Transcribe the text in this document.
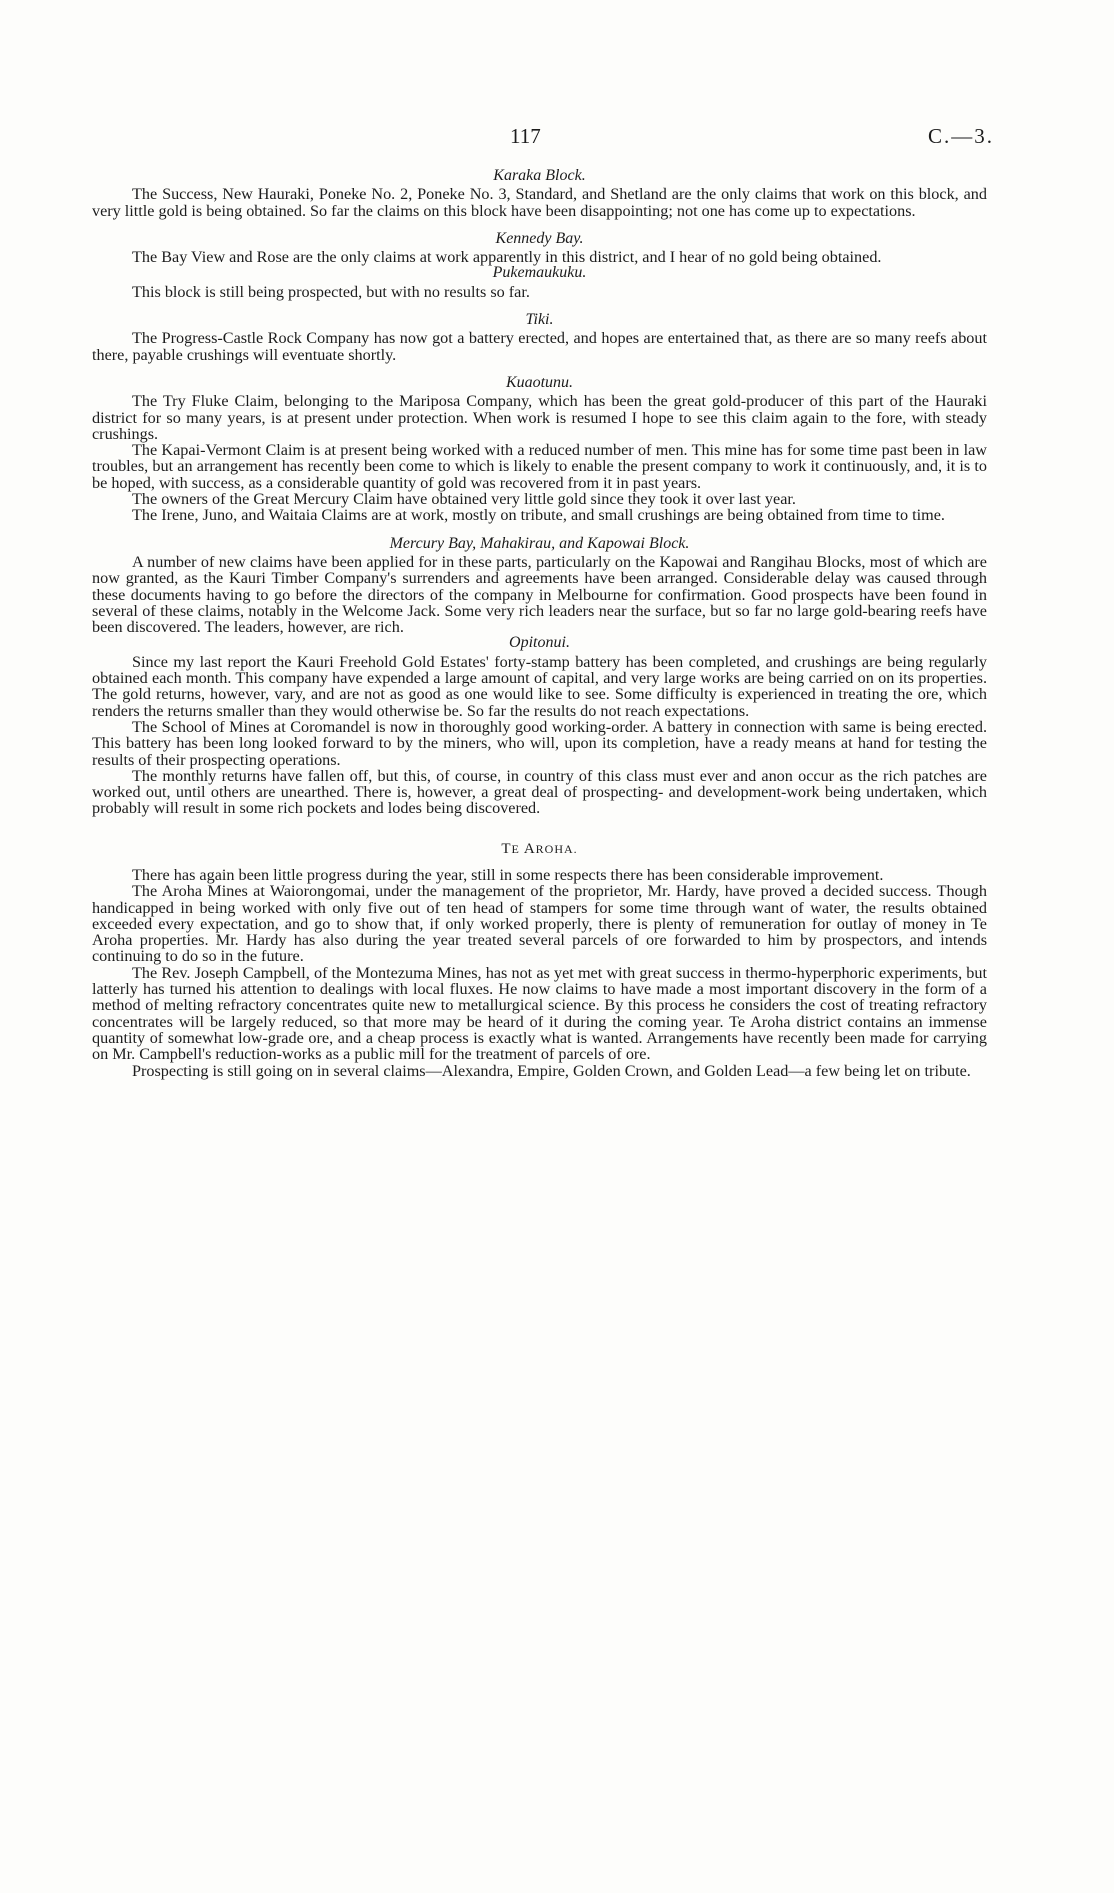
117	C.—3.
Karaka Block.

The Success, New Hauraki, Poneke No. 2, Poneke No. 3, Standard, and Shetland are the only claims that work on this block, and very little gold is being obtained. So far the claims on this block have been disappointing; not one has come up to expectations.

Kennedy Bay.

The Bay View and Rose are the only claims at work apparently in this district, and I hear of no gold being obtained.

Pukemaukuku.

This block is still being prospected, but with no results so far.

Tiki.

The Progress-Castle Rock Company has now got a battery erected, and hopes are entertained that, as there are so many reefs about there, payable crushings will eventuate shortly.

Kuaotunu.

The Try Fluke Claim, belonging to the Mariposa Company, which has been the great gold-producer of this part of the Hauraki district for so many years, is at present under protection. When work is resumed I hope to see this claim again to the fore, with steady crushings.

The Kapai-Vermont Claim is at present being worked with a reduced number of men. This mine has for some time past been in law troubles, but an arrangement has recently been come to which is likely to enable the present company to work it continuously, and, it is to be hoped, with success, as a considerable quantity of gold was recovered from it in past years.

The owners of the Great Mercury Claim have obtained very little gold since they took it over last year.

The Irene, Juno, and Waitaia Claims are at work, mostly on tribute, and small crushings are being obtained from time to time.

Mercury Bay, Mahakirau, and Kapowai Block.

A number of new claims have been applied for in these parts, particularly on the Kapowai and Rangihau Blocks, most of which are now granted, as the Kauri Timber Company's surrenders and agreements have been arranged. Considerable delay was caused through these documents having to go before the directors of the company in Melbourne for confirmation. Good prospects have been found in several of these claims, notably in the Welcome Jack. Some very rich leaders near the surface, but so far no large gold-bearing reefs have been discovered. The leaders, however, are rich.

Opitonui.

Since my last report the Kauri Freehold Gold Estates' forty-stamp battery has been completed, and crushings are being regularly obtained each month. This company have expended a large amount of capital, and very large works are being carried on on its properties. The gold returns, however, vary, and are not as good as one would like to see. Some difficulty is experienced in treating the ore, which renders the returns smaller than they would otherwise be. So far the results do not reach expectations.

The School of Mines at Coromandel is now in thoroughly good working-order. A battery in connection with same is being erected. This battery has been long looked forward to by the miners, who will, upon its completion, have a ready means at hand for testing the results of their prospecting operations.

The monthly returns have fallen off, but this, of course, in country of this class must ever and anon occur as the rich patches are worked out, until others are unearthed. There is, however, a great deal of prospecting- and development-work being undertaken, which probably will result in some rich pockets and lodes being discovered.

TE AROHA.

There has again been little progress during the year, still in some respects there has been considerable improvement.

The Aroha Mines at Waiorongomai, under the management of the proprietor, Mr. Hardy, have proved a decided success. Though handicapped in being worked with only five out of ten head of stampers for some time through want of water, the results obtained exceeded every expectation, and go to show that, if only worked properly, there is plenty of remuneration for outlay of money in Te Aroha properties. Mr. Hardy has also during the year treated several parcels of ore forwarded to him by prospectors, and intends continuing to do so in the future.

The Rev. Joseph Campbell, of the Montezuma Mines, has not as yet met with great success in thermo-hyperphoric experiments, but latterly has turned his attention to dealings with local fluxes. He now claims to have made a most important discovery in the form of a method of melting refractory concentrates quite new to metallurgical science. By this process he considers the cost of treating refractory concentrates will be largely reduced, so that more may be heard of it during the coming year. Te Aroha district contains an immense quantity of somewhat low-grade ore, and a cheap process is exactly what is wanted. Arrangements have recently been made for carrying on Mr. Campbell's reduction-works as a public mill for the treatment of parcels of ore.

Prospecting is still going on in several claims—Alexandra, Empire, Golden Crown, and Golden Lead—a few being let on tribute.
